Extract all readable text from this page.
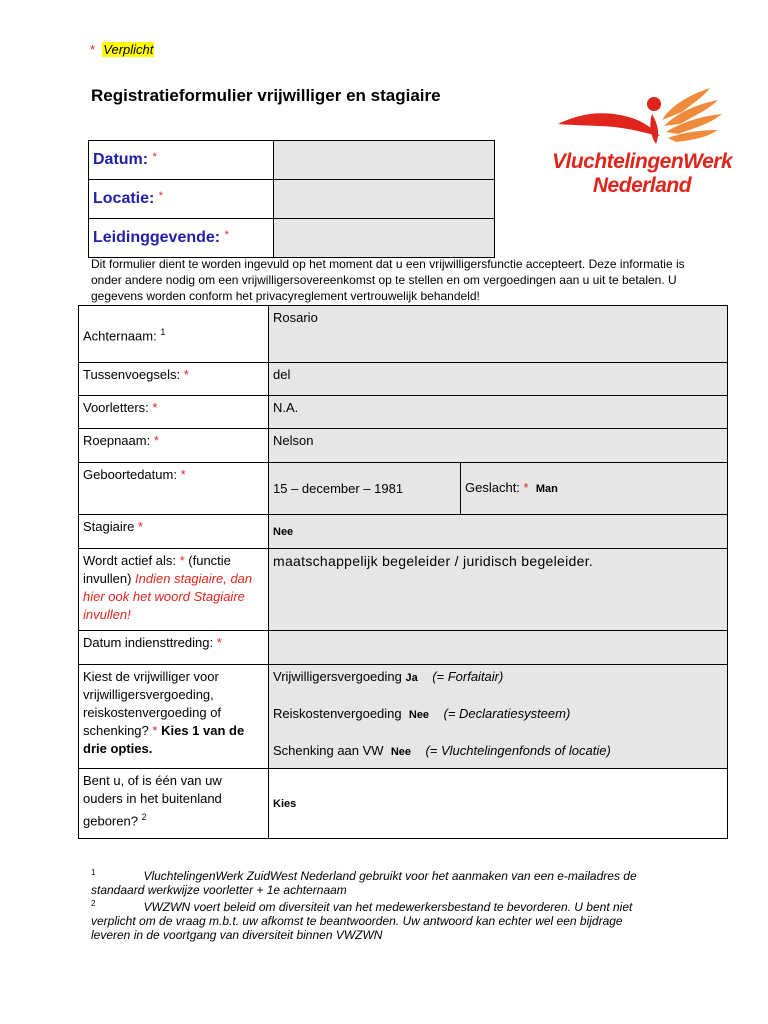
* Verplicht
Registratieformulier vrijwilliger en stagiaire
VluchtelingenWerk
Nederland
Datum: *	
Locatie: *	
Leidinggevende: *	
Dit formulier dient te worden ingevuld op het moment dat u een vrijwilligersfunctie accepteert. Deze informatie is onder andere nodig om een vrijwilligersovereenkomst op te stellen en om vergoedingen aan u uit te betalen. U gegevens worden conform het privacyreglement vertrouwelijk behandeld!
Achternaam: $^1$	Rosario	
Tussenvoegsels: *	del	
Voorletters: *	N.A.	
Roepnaam: *	Nelson	
Geboortedatum: *	15 – december – 1981	Geslacht: * Man
Stagiaire *	Nee	
Wordt actief als: * (functie invullen) Indien stagiaire, dan hier ook het woord Stagiaire invullen!	maatschappelijk begeleider / juridisch begeleider.	
Datum indiensttreding: *		
Kiest de vrijwilliger voor vrijwilligersvergoeding, reiskostenvergoeding of schenking? * Kies 1 van de drie opties.	Vrijwilligersvergoeding Ja (= Forfaitair)
Reiskostenvergoeding Nee (= Declaratiesysteem)
Schenking aan VW Nee (= Vluchtelingenfonds of locatie)	

Bent u, of is één van uw ouders in het buitenland geboren? $^2$	Kies	
$^1$	VluchtelingenWerk ZuidWest Nederland gebruikt voor het aanmaken van een e-mailadres de
standaard werkwijze voorletter + 1e achternaam
$^2$	VWZWN voert beleid om diversiteit van het medewerkersbestand te bevorderen. U bent niet
verplicht om de vraag m.b.t. uw afkomst te beantwoorden. Uw antwoord kan echter wel een bijdrage
leveren in de voortgang van diversiteit binnen VWZWN
